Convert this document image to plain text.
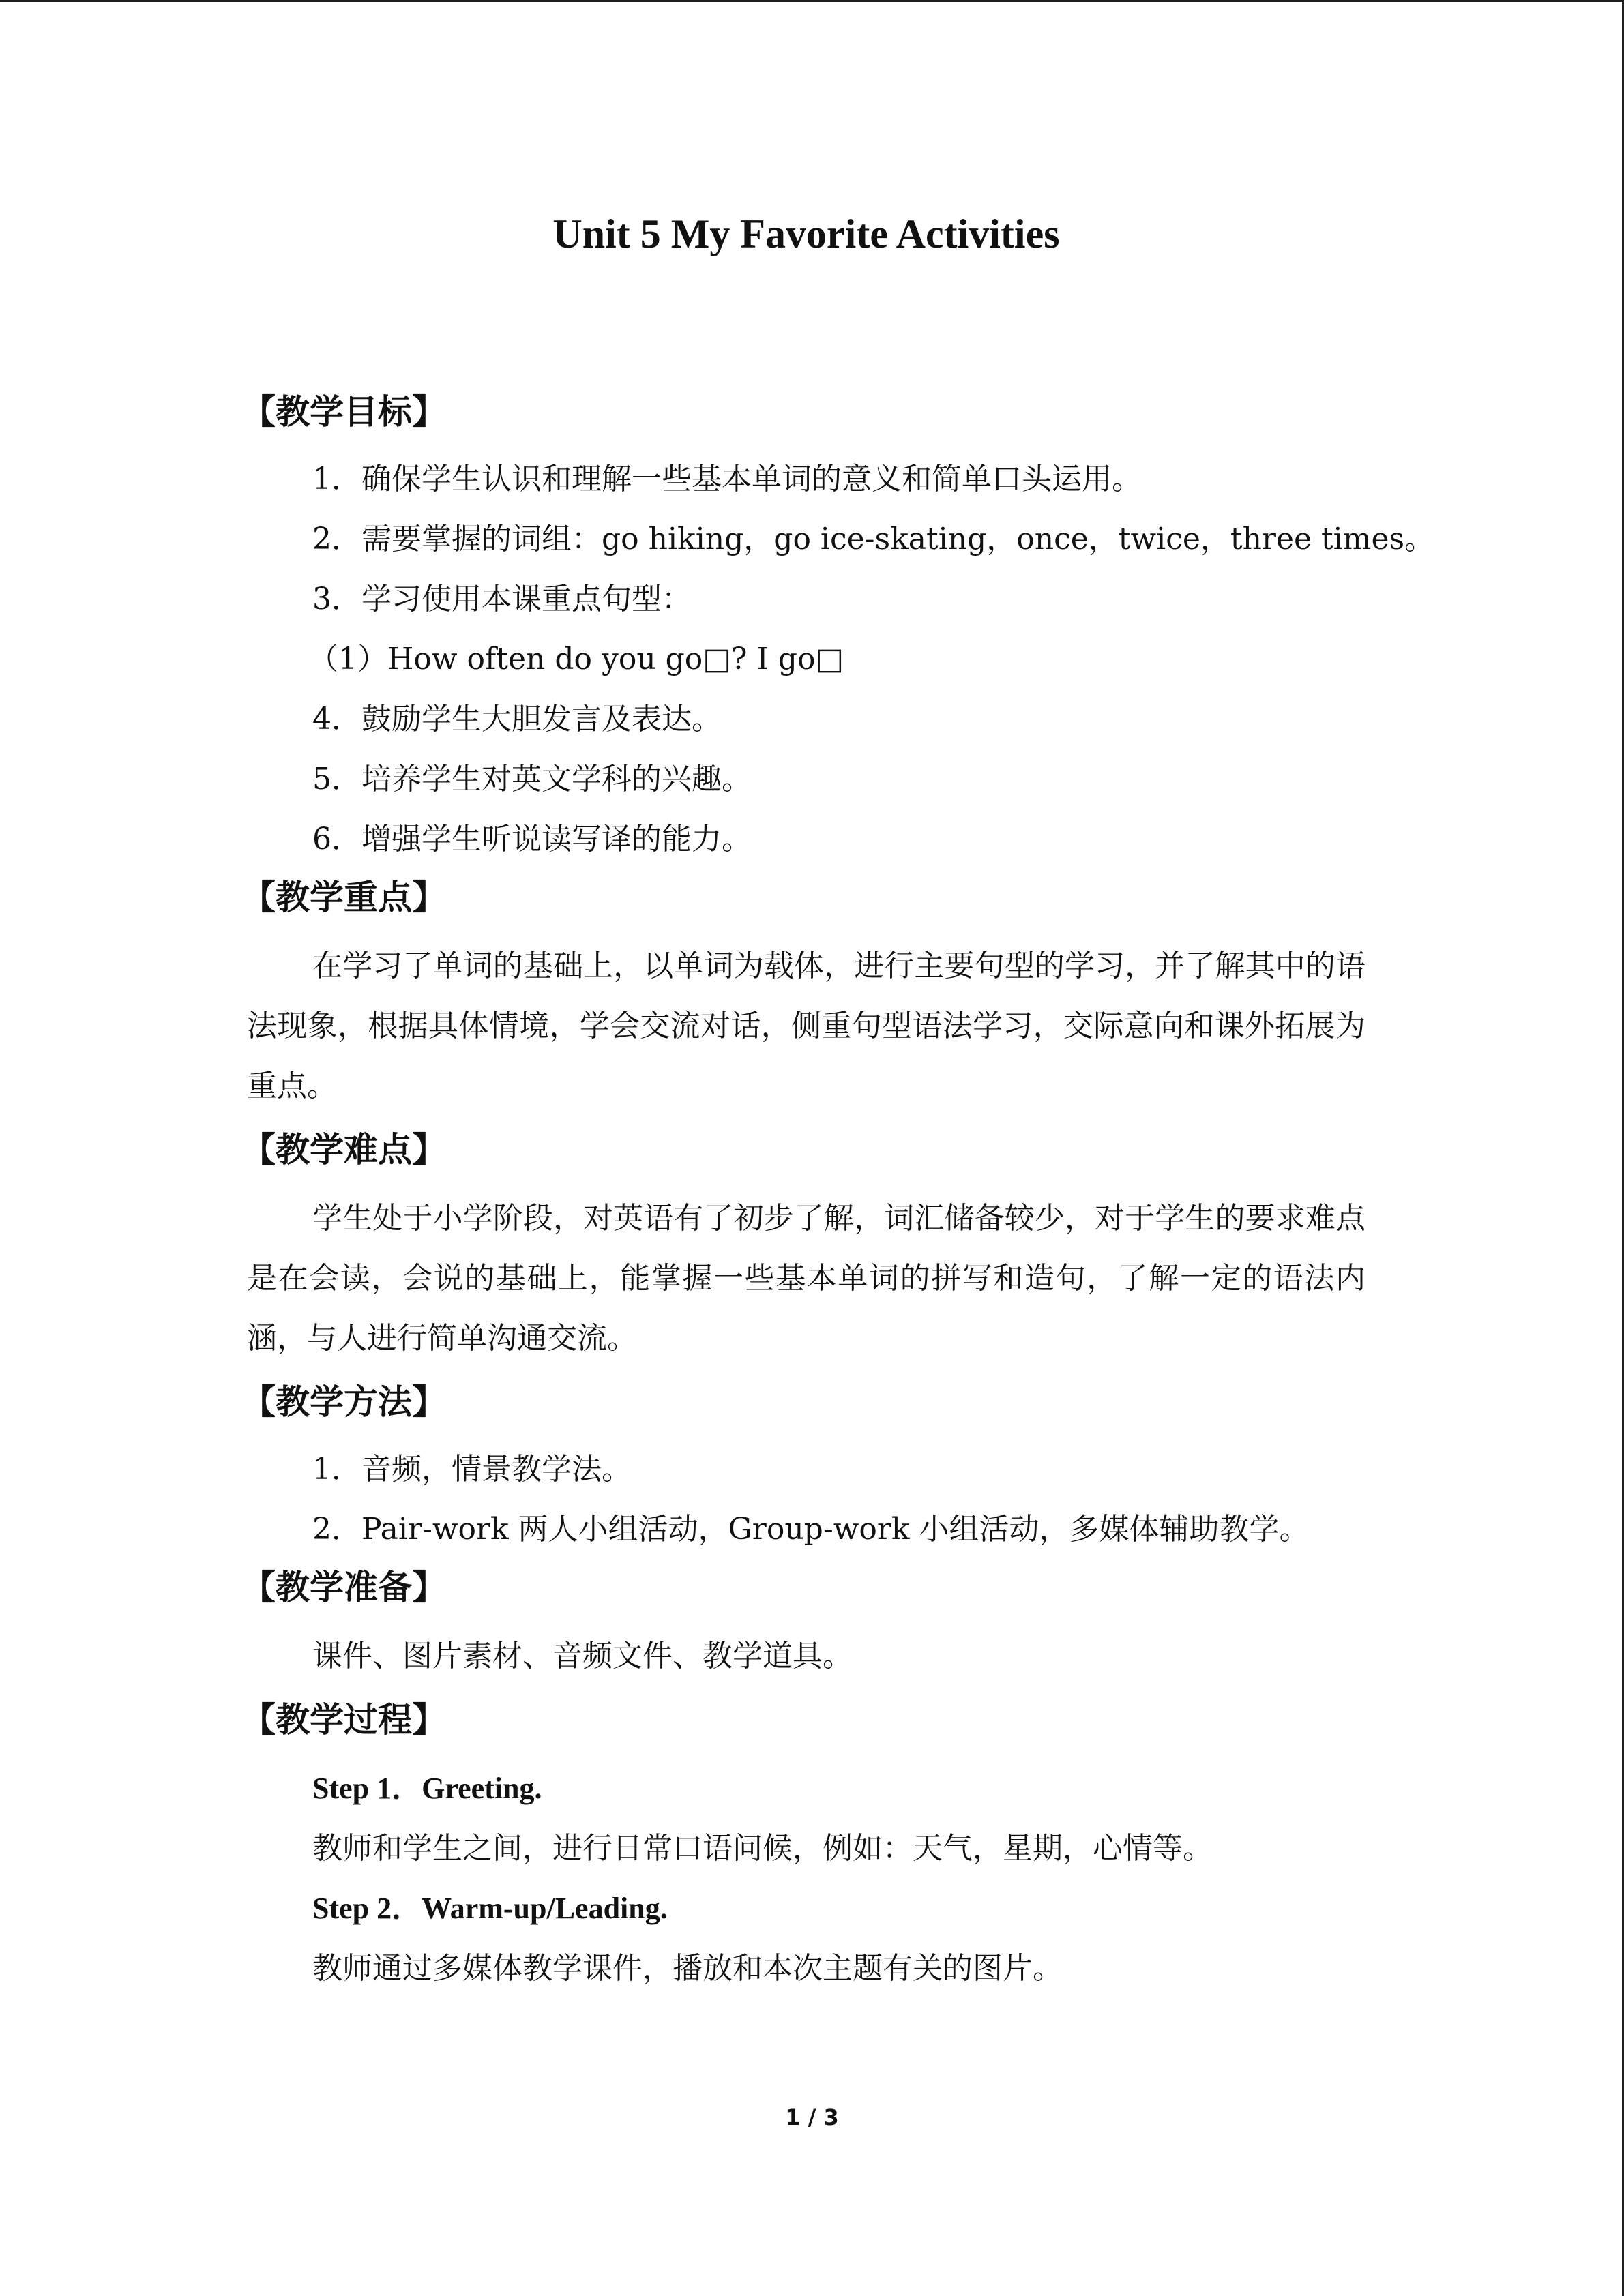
Unit 5 My Favorite Activities
【教学目标】
1．确保学生认识和理解一些基本单词的意义和简单口头运用。
2．需要掌握的词组：go hiking，go ice-skating，once，twice，three times。
3．学习使用本课重点句型：
（1）How often do you go□? I go□
4．鼓励学生大胆发言及表达。
5．培养学生对英文学科的兴趣。
6．增强学生听说读写译的能力。
【教学重点】
在学习了单词的基础上，以单词为载体，进行主要句型的学习，并了解其中的语法现象，根据具体情境，学会交流对话，侧重句型语法学习，交际意向和课外拓展为重点。
【教学难点】
学生处于小学阶段，对英语有了初步了解，词汇储备较少，对于学生的要求难点是在会读，会说的基础上，能掌握一些基本单词的拼写和造句，了解一定的语法内涵，与人进行简单沟通交流。
【教学方法】
1．音频，情景教学法。
2．Pair-work 两人小组活动，Group-work 小组活动，多媒体辅助教学。
【教学准备】
课件、图片素材、音频文件、教学道具。
【教学过程】
Step 1．Greeting.
教师和学生之间，进行日常口语问候，例如：天气，星期，心情等。
Step 2．Warm-up/Leading.
教师通过多媒体教学课件，播放和本次主题有关的图片。
1 / 3
